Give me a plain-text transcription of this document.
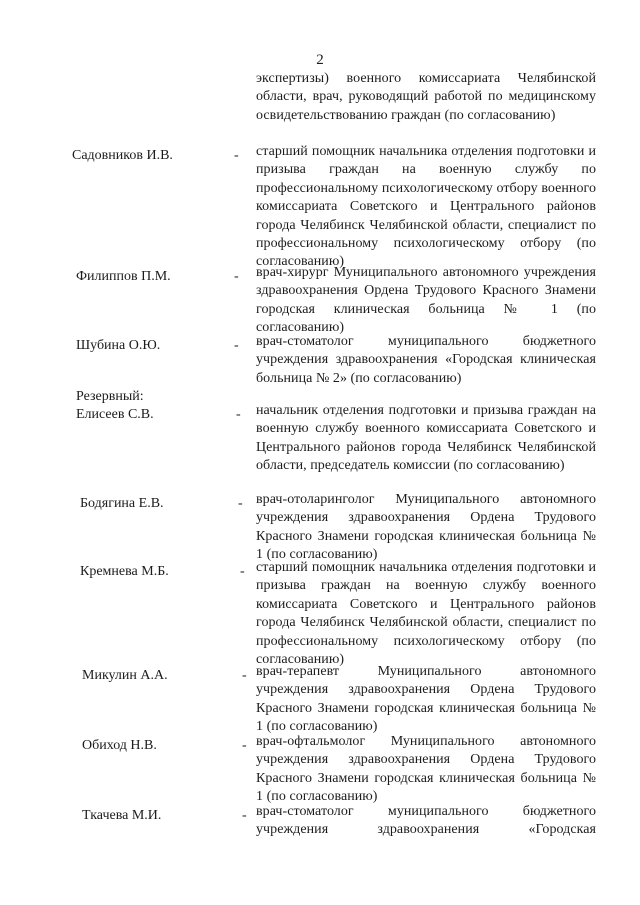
2
экспертизы) военного комиссариата Челябинской области, врач, руководящий работой по медицинскому освидетельствованию граждан (по согласованию)
Садовников И.В.	- старший помощник начальника отделения подготовки и призыва граждан на военную службу по профессиональному психологическому отбору военного комиссариата Советского и Центрального районов города Челябинск Челябинской области, специалист по профессиональному психологическому отбору (по согласованию)
Филиппов П.М.	- врач-хирург Муниципального автономного учреждения здравоохранения Ордена Трудового Красного Знамени городская клиническая больница № 1 (по согласованию)
Шубина О.Ю.	- врач-стоматолог муниципального бюджетного учреждения здравоохранения «Городская клиническая больница № 2» (по согласованию)
Резервный:
Елисеев С.В.	- начальник отделения подготовки и призыва граждан на военную службу военного комиссариата Советского и Центрального районов города Челябинск Челябинской области, председатель комиссии (по согласованию)
Бодягина Е.В.	- врач-отоларинголог Муниципального автономного учреждения здравоохранения Ордена Трудового Красного Знамени городская клиническая больница № 1 (по согласованию)
Кремнева М.Б.	- старший помощник начальника отделения подготовки и призыва граждан на военную службу военного комиссариата Советского и Центрального районов города Челябинск Челябинской области, специалист по профессиональному психологическому отбору (по согласованию)
Микулин А.А.	- врач-терапевт Муниципального автономного учреждения здравоохранения Ордена Трудового Красного Знамени городская клиническая больница № 1 (по согласованию)
Обиход Н.В.	- врач-офтальмолог Муниципального автономного учреждения здравоохранения Ордена Трудового Красного Знамени городская клиническая больница № 1 (по согласованию)
Ткачева М.И.	- врач-стоматолог муниципального бюджетного учреждения здравоохранения «Городская
